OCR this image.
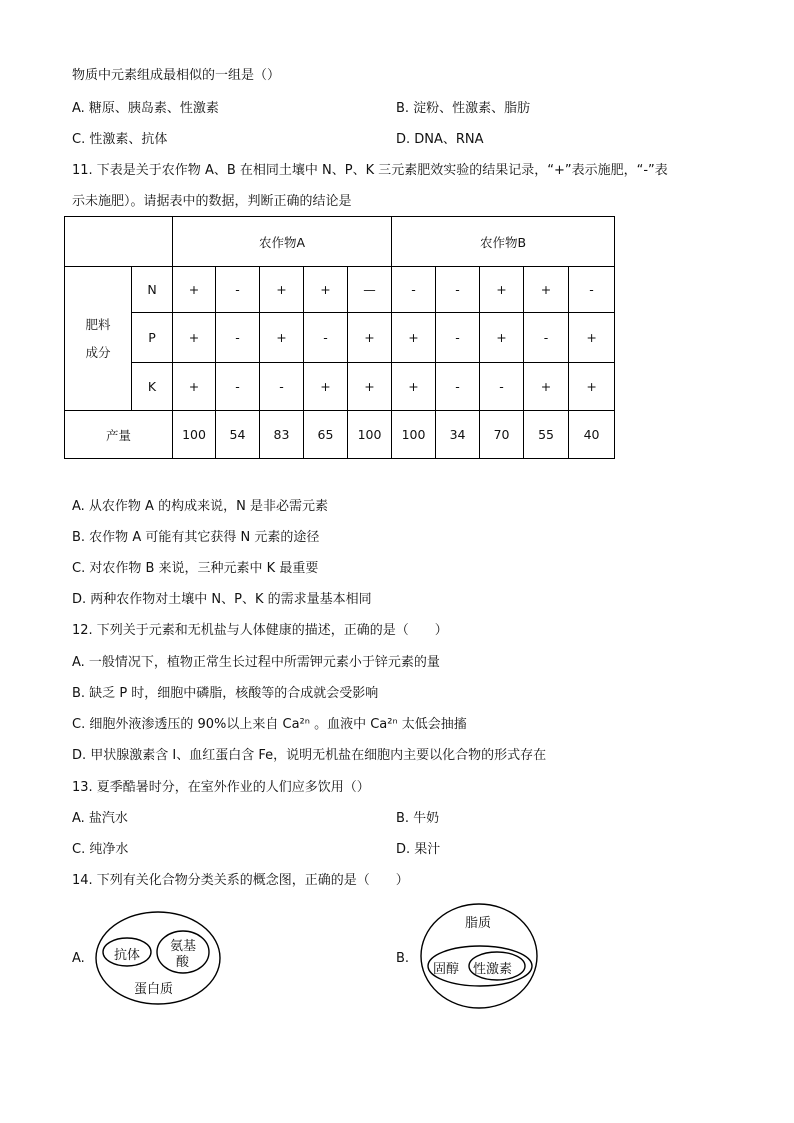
物质中元素组成最相似的一组是（）
A. 糖原、胰岛素、性激素	B. 淀粉、性激素、脂肪
C. 性激素、抗体	D. DNA、RNA
11. 下表是关于农作物 A、B 在相同土壤中 N、P、K 三元素肥效实验的结果记录，“+”表示施肥，“-”表
示未施肥）。请据表中的数据，判断正确的结论是
		农作物A					农作物B				

肥料
成分	N	+	-	+	+	—	-	-	+	+	-
	P	+	-	+	-	+	+	-	+	-	+
	K	+	-	-	+	+	+	-	-	+	+
产量		100	54	83	65	100	100	34	70	55	40
A. 从农作物 A 的构成来说，N 是非必需元素
B. 农作物 A 可能有其它获得 N 元素的途径
C. 对农作物 B 来说，三种元素中 K 最重要
D. 两种农作物对土壤中 N、P、K 的需求量基本相同
12. 下列关于元素和无机盐与人体健康的描述，正确的是（　　）
A. 一般情况下，植物正常生长过程中所需钾元素小于锌元素的量
B. 缺乏 P 时，细胞中磷脂，核酸等的合成就会受影响
C. 细胞外液渗透压的 90%以上来自 Ca²ⁿ 。血液中 Ca²ⁿ 太低会抽搐
D. 甲状腺激素含 I、血红蛋白含 Fe，说明无机盐在细胞内主要以化合物的形式存在
13. 夏季酷暑时分，在室外作业的人们应多饮用（）
A. 盐汽水	B. 牛奶
C. 纯净水	D. 果汁
14. 下列有关化合物分类关系的概念图，正确的是（　　）
A. 抗体
氨基
酸
蛋白质
B.
脂质
固醇 性激素
